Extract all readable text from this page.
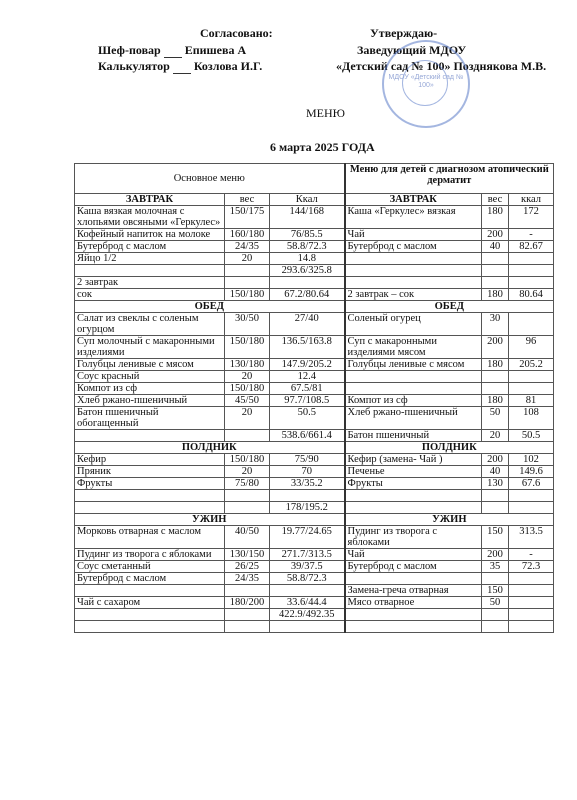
Согласовано:	Утверждаю-
Шеф-повар Епишева А	Заведующий МДОУ
Калькулятор Козлова И.Г.	«Детский сад № 100» Позднякова М.В.
МДОУ «Детский сад № 100»
МЕНЮ
6 марта 2025 ГОДА
Основное меню			Меню для детей с диагнозом атопический дерматит		
ЗАВТРАК	вес	Ккал	ЗАВТРАК	вес	ккал
Каша вязкая молочная с хлопьями овсяными «Геркулес»	150/175	144/168	Каша «Геркулес» вязкая	180	172
Кофейный напиток на молоке	160/180	76/85.5	Чай	200	-
Бутерброд с маслом	24/35	58.8/72.3	Бутерброд с маслом	40	82.67
Яйцо 1/2	20	14.8			
		293.6/325.8			
2 завтрак					
сок	150/180	67.2/80.64	2 завтрак – сок	180	80.64
ОБЕД			ОБЕД		
Салат из свеклы с соленым огурцом	30/50	27/40	Соленый огурец	30	
Суп молочный с макаронными изделиями	150/180	136.5/163.8	Суп с макаронными изделиями мясом	200	96
Голубцы ленивые с мясом	130/180	147.9/205.2	Голубцы ленивые с мясом	180	205.2
Соус красный	20	12.4			
Компот из сф	150/180	67.5/81			
Хлеб ржано-пшеничный	45/50	97.7/108.5	Компот из сф	180	81
Батон пшеничный обогащенный	20	50.5	Хлеб ржано-пшеничный	50	108
		538.6/661.4	Батон пшеничный	20	50.5
ПОЛДНИК			ПОЛДНИК		
Кефир	150/180	75/90	Кефир (замена- Чай )	200	102
Пряник	20	70	Печенье	40	149.6
Фрукты	75/80	33/35.2	Фрукты	130	67.6

		178/195.2			
УЖИН			УЖИН		
Морковь отварная с маслом	40/50	19.77/24.65	Пудинг из творога с яблоками	150	313.5
Пудинг из творога с яблоками	130/150	271.7/313.5	Чай	200	-
Соус сметанный	26/25	39/37.5	Бутерброд с маслом	35	72.3
Бутерброд с маслом	24/35	58.8/72.3			
			Замена-греча отварная	150	
Чай с сахаром	180/200	33.6/44.4	Мясо отварное	50	
		422.9/492.35			
